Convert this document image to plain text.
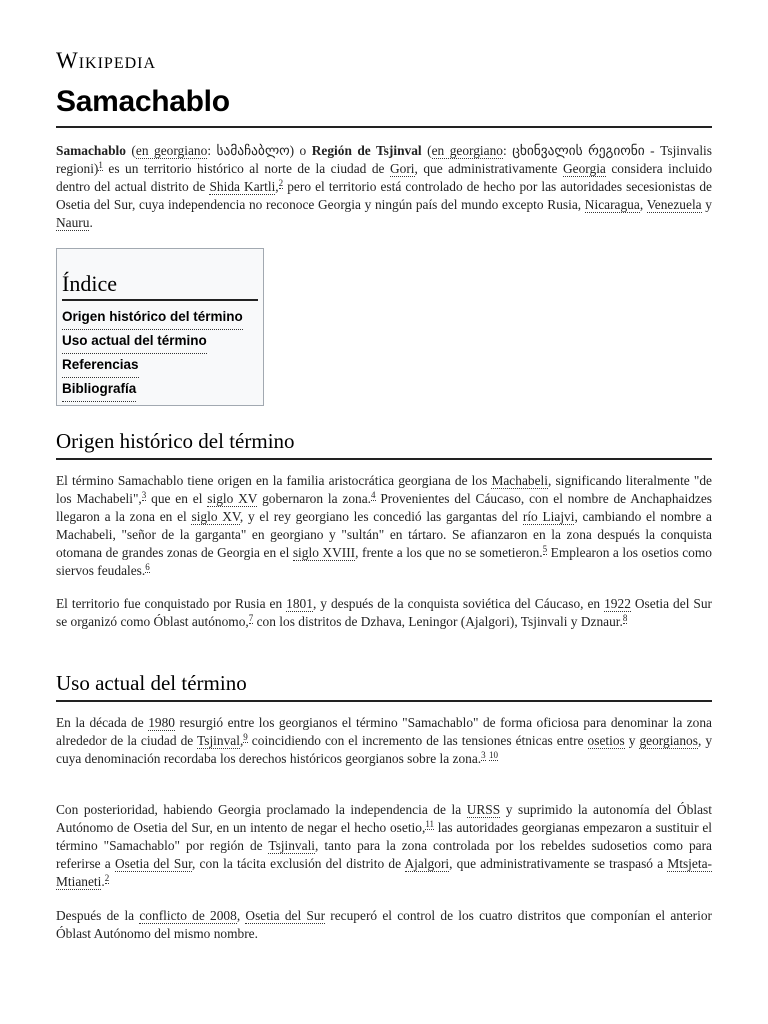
Wikipedia
Samachablo

Samachablo (en georgiano: სამაჩაბლო) o Región de Tsjinval (en georgiano: ცხინვალის რეგიონი - Tsjinvalis regioni)$^1$ es un territorio histórico al norte de la ciudad de Gori, que administrativamente Georgia considera incluido dentro del actual distrito de Shida Kartli,$^2$ pero el territorio está controlado de hecho por las autoridades secesionistas de Osetia del Sur, cuya independencia no reconoce Georgia y ningún país del mundo excepto Rusia, Nicaragua, Venezuela y Nauru.

Índice
Origen histórico del término
Uso actual del término
Referencias
Bibliografía
Origen histórico del término

El término Samachablo tiene origen en la familia aristocrática georgiana de los Machabeli, significando literalmente "de los Machabeli",$^3$ que en el siglo XV gobernaron la zona.$^4$ Provenientes del Cáucaso, con el nombre de Anchaphaidzes llegaron a la zona en el siglo XV, y el rey georgiano les concedió las gargantas del río Liajvi, cambiando el nombre a Machabeli, "señor de la garganta" en georgiano y "sultán" en tártaro. Se afianzaron en la zona después la conquista otomana de grandes zonas de Georgia en el siglo XVIII, frente a los que no se sometieron.$^5$ Emplearon a los osetios como siervos feudales.$^6$

El territorio fue conquistado por Rusia en 1801, y después de la conquista soviética del Cáucaso, en 1922 Osetia del Sur se organizó como Óblast autónomo,$^7$ con los distritos de Dzhava, Leningor (Ajalgori), Tsjinvali y Dznaur.$^8$

Uso actual del término

En la década de 1980 resurgió entre los georgianos el término "Samachablo" de forma oficiosa para denominar la zona alrededor de la ciudad de Tsjinval,$^9$ coincidiendo con el incremento de las tensiones étnicas entre osetios y georgianos, y cuya denominación recordaba los derechos históricos georgianos sobre la zona.$^3$ $^{10}$

Con posterioridad, habiendo Georgia proclamado la independencia de la URSS y suprimido la autonomía del Óblast Autónomo de Osetia del Sur, en un intento de negar el hecho osetio,$^{11}$ las autoridades georgianas empezaron a sustituir el término "Samachablo" por región de Tsjinvali, tanto para la zona controlada por los rebeldes sudosetios como para referirse a Osetia del Sur, con la tácita exclusión del distrito de Ajalgori, que administrativamente se traspasó a Mtsjeta-Mtianeti.$^2$

Después de la conflicto de 2008, Osetia del Sur recuperó el control de los cuatro distritos que componían el anterior Óblast Autónomo del mismo nombre.
